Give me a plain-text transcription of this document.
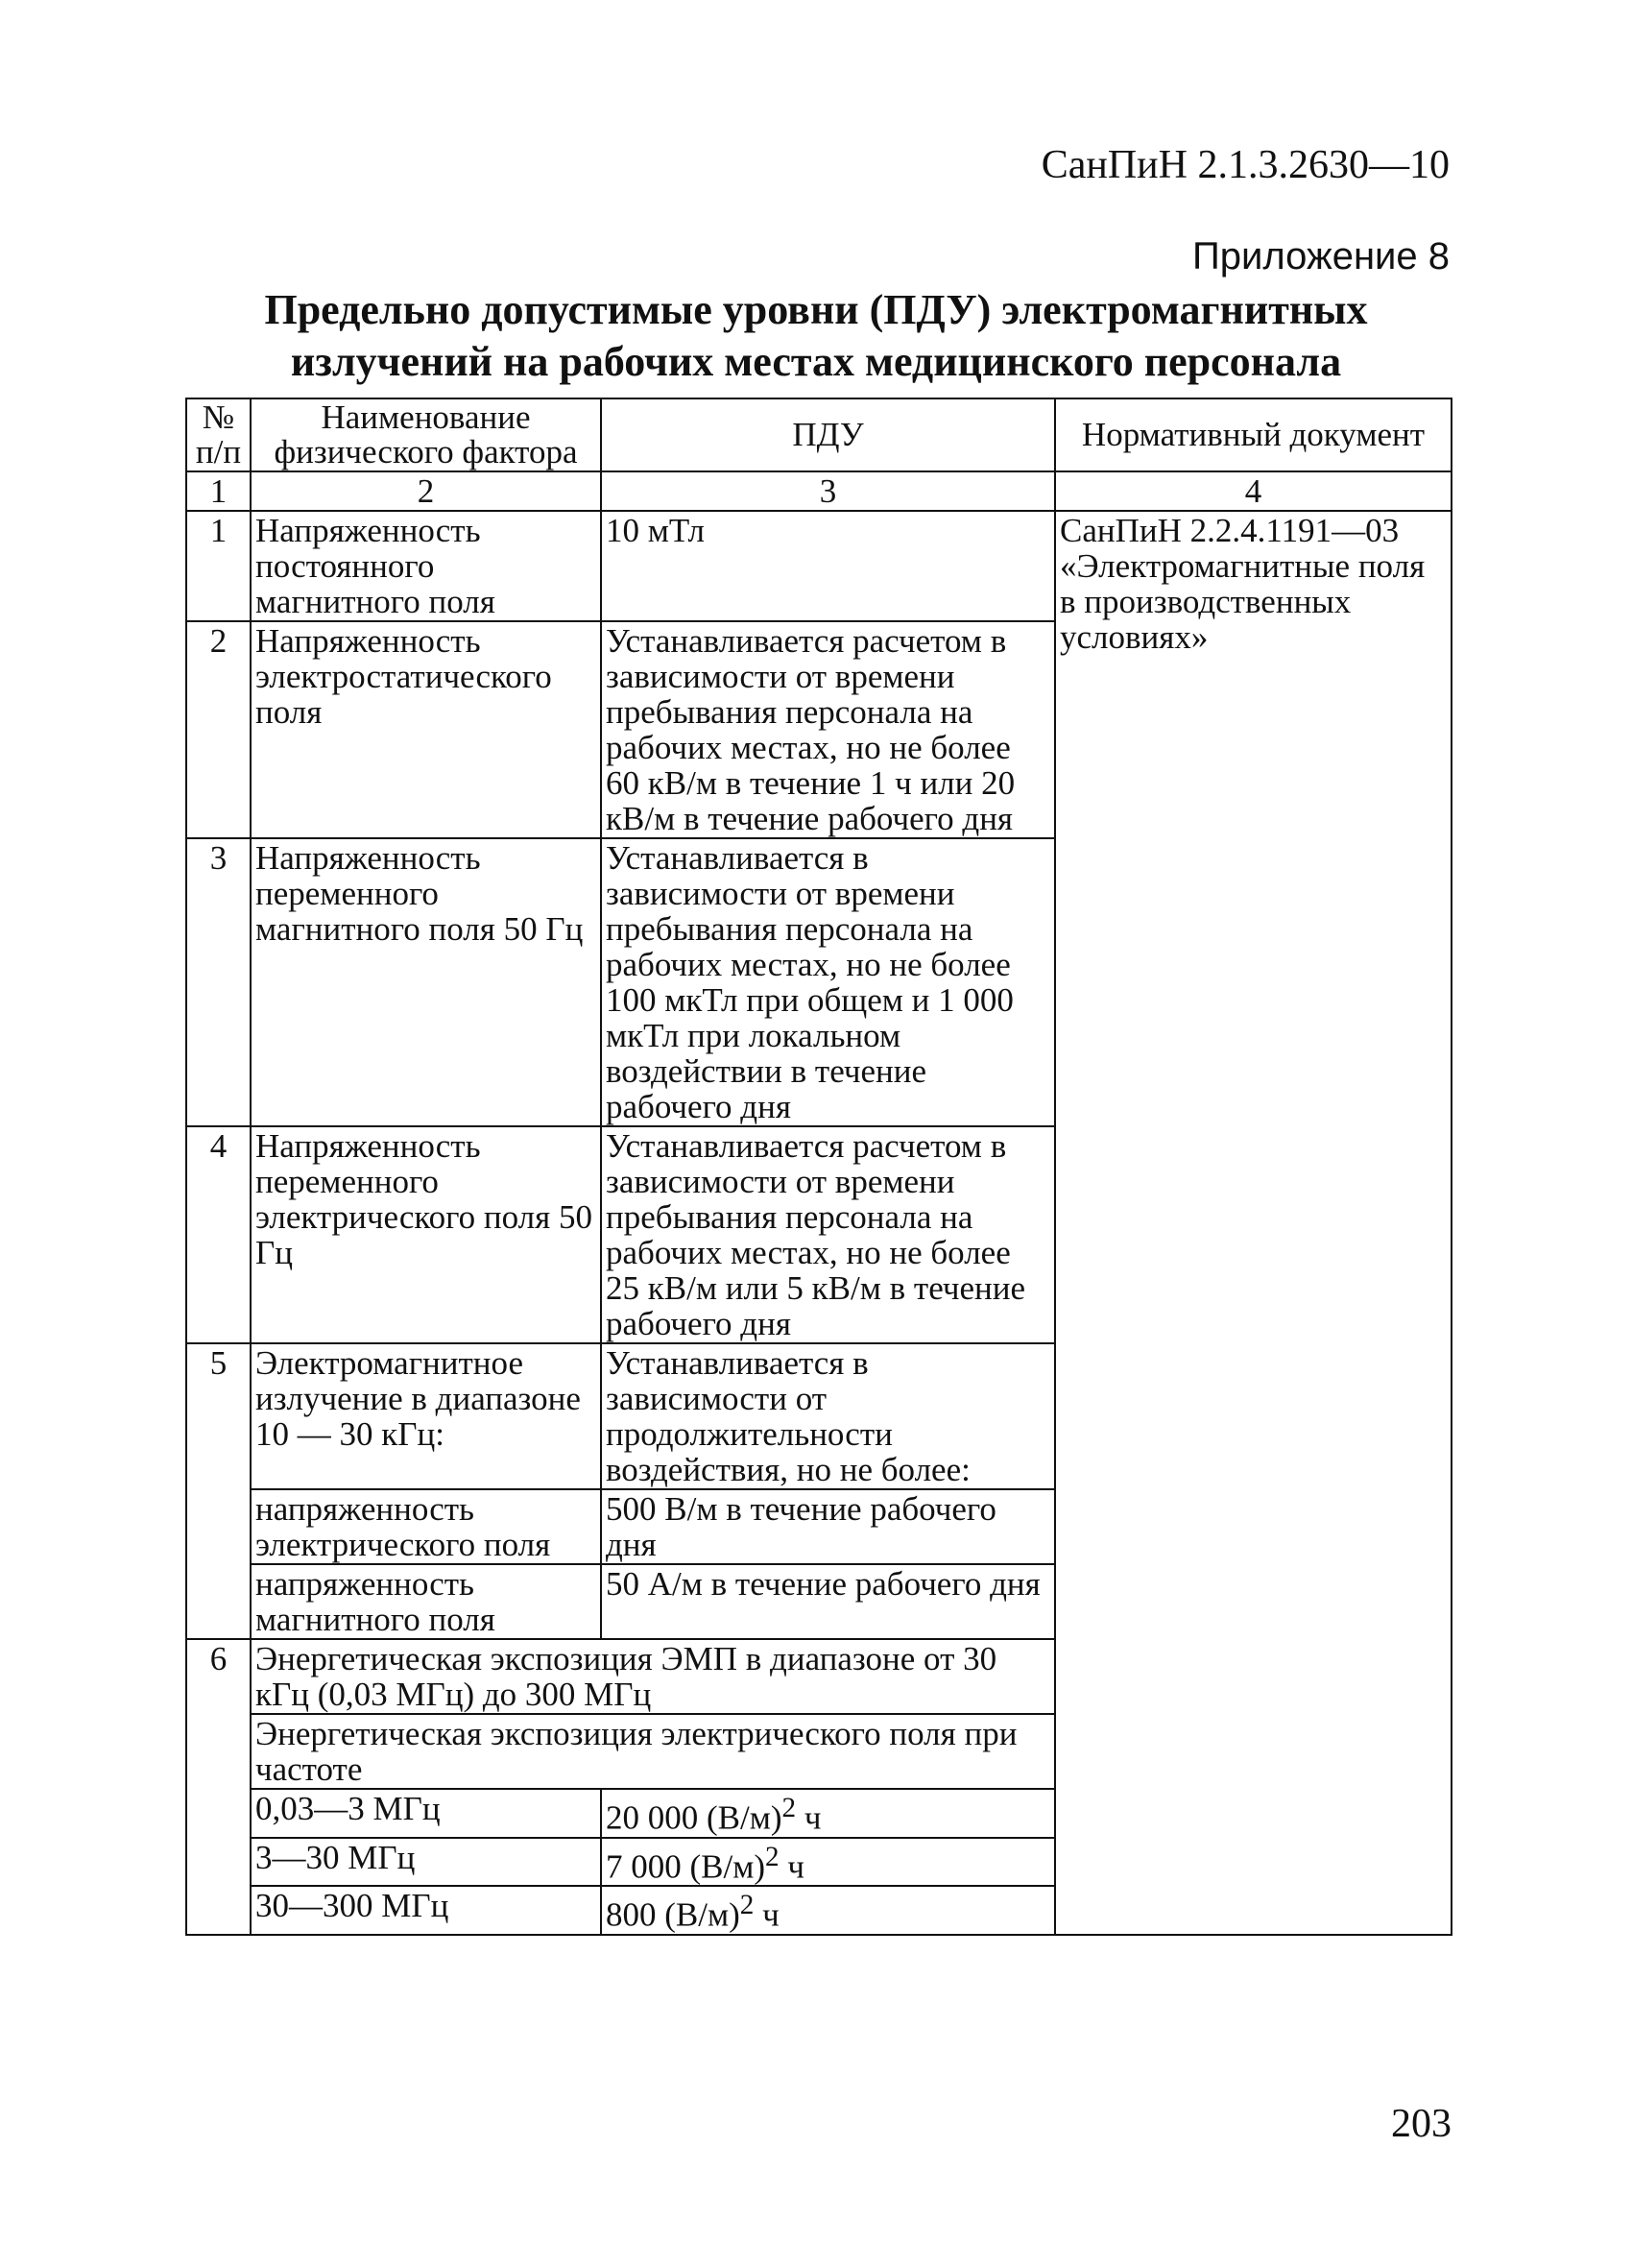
СанПиН 2.1.3.2630—10
Приложение 8
Предельно допустимые уровни (ПДУ) электромагнитных
излучений на рабочих местах медицинского персонала
№ п/п	Наименование физического фактора	ПДУ	Нормативный документ
1	2	3	4
1	Напряженность постоянного магнитного поля	10 мТл	СанПиН 2.2.4.1191—03 «Электромагнитные поля в производственных условиях»
2	Напряженность электростатического поля	Устанавливается расчетом в зависимости от времени пребывания персонала на рабочих местах, но не более 60 кВ/м в течение 1 ч или 20 кВ/м в течение рабочего дня	
3	Напряженность переменного магнитного поля 50 Гц	Устанавливается в зависимости от времени пребывания персонала на рабочих местах, но не более 100 мкТл при общем и 1 000 мкТл при локальном воздействии в течение рабочего дня	
4	Напряженность переменного электрического поля 50 Гц	Устанавливается расчетом в зависимости от времени пребывания персонала на рабочих местах, но не более 25 кВ/м или 5 кВ/м в течение рабочего дня	
5	Электромагнитное излучение в диапазоне 10 — 30 кГц:	Устанавливается в зависимости от продолжительности воздействия, но не более:	
	напряженность электрического поля	500 В/м в течение рабочего дня	
	напряженность магнитного поля	50 А/м в течение рабочего дня	
6	Энергетическая экспозиция ЭМП в диапазоне от 30 кГц (0,03 МГц) до 300 МГц		
	Энергетическая экспозиция электрического поля при частоте		
	0,03—3 МГц	20 000 $(В/м)^2$ ч	
	3—30 МГц	7 000 $(В/м)^2$ ч	
	30—300 МГц	800 $(В/м)^2$ ч	
203
